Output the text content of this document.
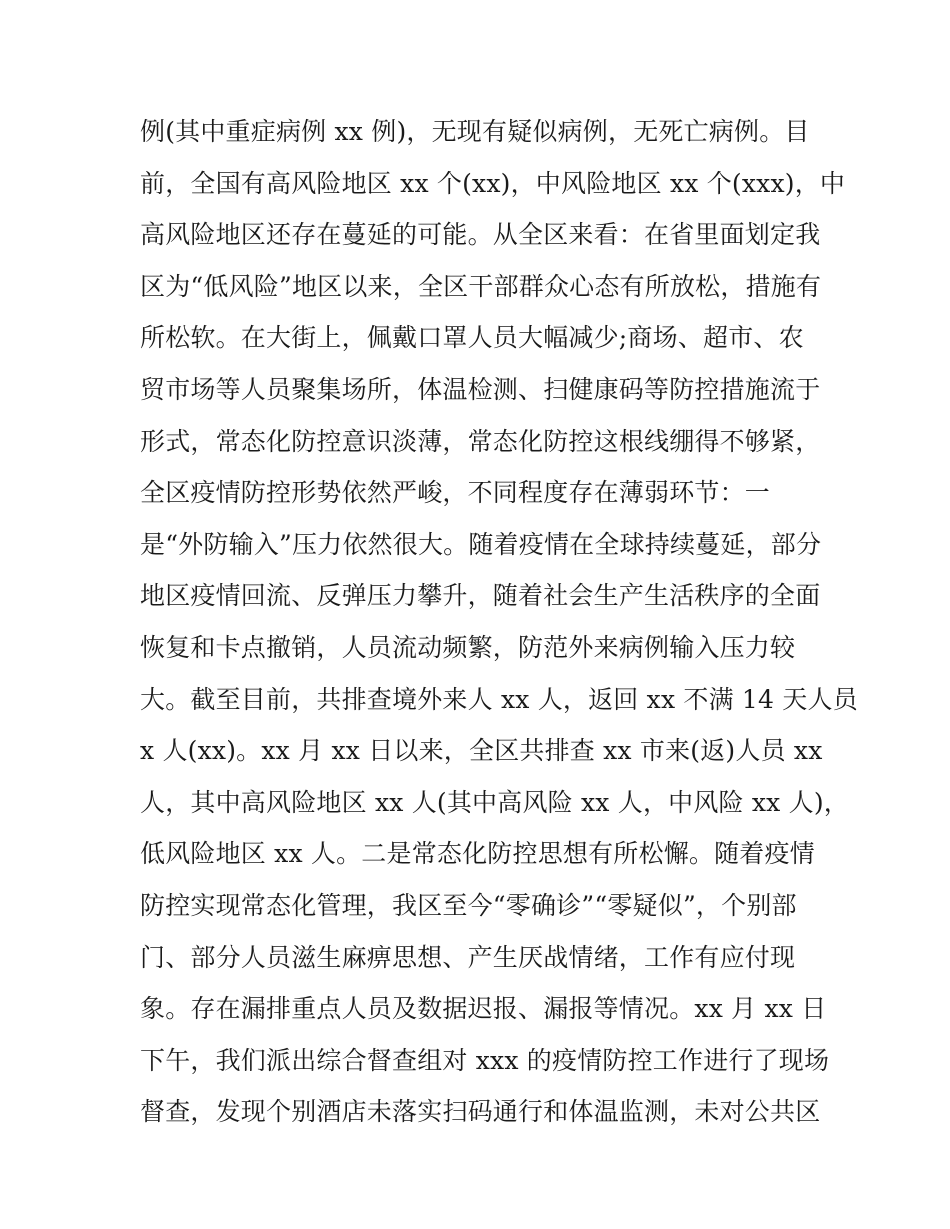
例(其中重症病例 xx 例)，无现有疑似病例，无死亡病例。目
前，全国有高风险地区 xx 个(xx)，中风险地区 xx 个(xxx)，中
高风险地区还存在蔓延的可能。从全区来看：在省里面划定我
区为“低风险”地区以来，全区干部群众心态有所放松，措施有
所松软。在大街上，佩戴口罩人员大幅减少;商场、超市、农
贸市场等人员聚集场所，体温检测、扫健康码等防控措施流于
形式，常态化防控意识淡薄，常态化防控这根线绷得不够紧，
全区疫情防控形势依然严峻，不同程度存在薄弱环节：一
是“外防输入”压力依然很大。随着疫情在全球持续蔓延，部分
地区疫情回流、反弹压力攀升，随着社会生产生活秩序的全面
恢复和卡点撤销，人员流动频繁，防范外来病例输入压力较
大。截至目前，共排查境外来人 xx 人，返回 xx 不满 14 天人员
x 人(xx)。xx 月 xx 日以来，全区共排查 xx 市来(返)人员 xx
人，其中高风险地区 xx 人(其中高风险 xx 人，中风险 xx 人)，
低风险地区 xx 人。二是常态化防控思想有所松懈。随着疫情
防控实现常态化管理，我区至今“零确诊”“零疑似”，个别部
门、部分人员滋生麻痹思想、产生厌战情绪，工作有应付现
象。存在漏排重点人员及数据迟报、漏报等情况。xx 月 xx 日
下午，我们派出综合督查组对 xxx 的疫情防控工作进行了现场
督查，发现个别酒店未落实扫码通行和体温监测，未对公共区
